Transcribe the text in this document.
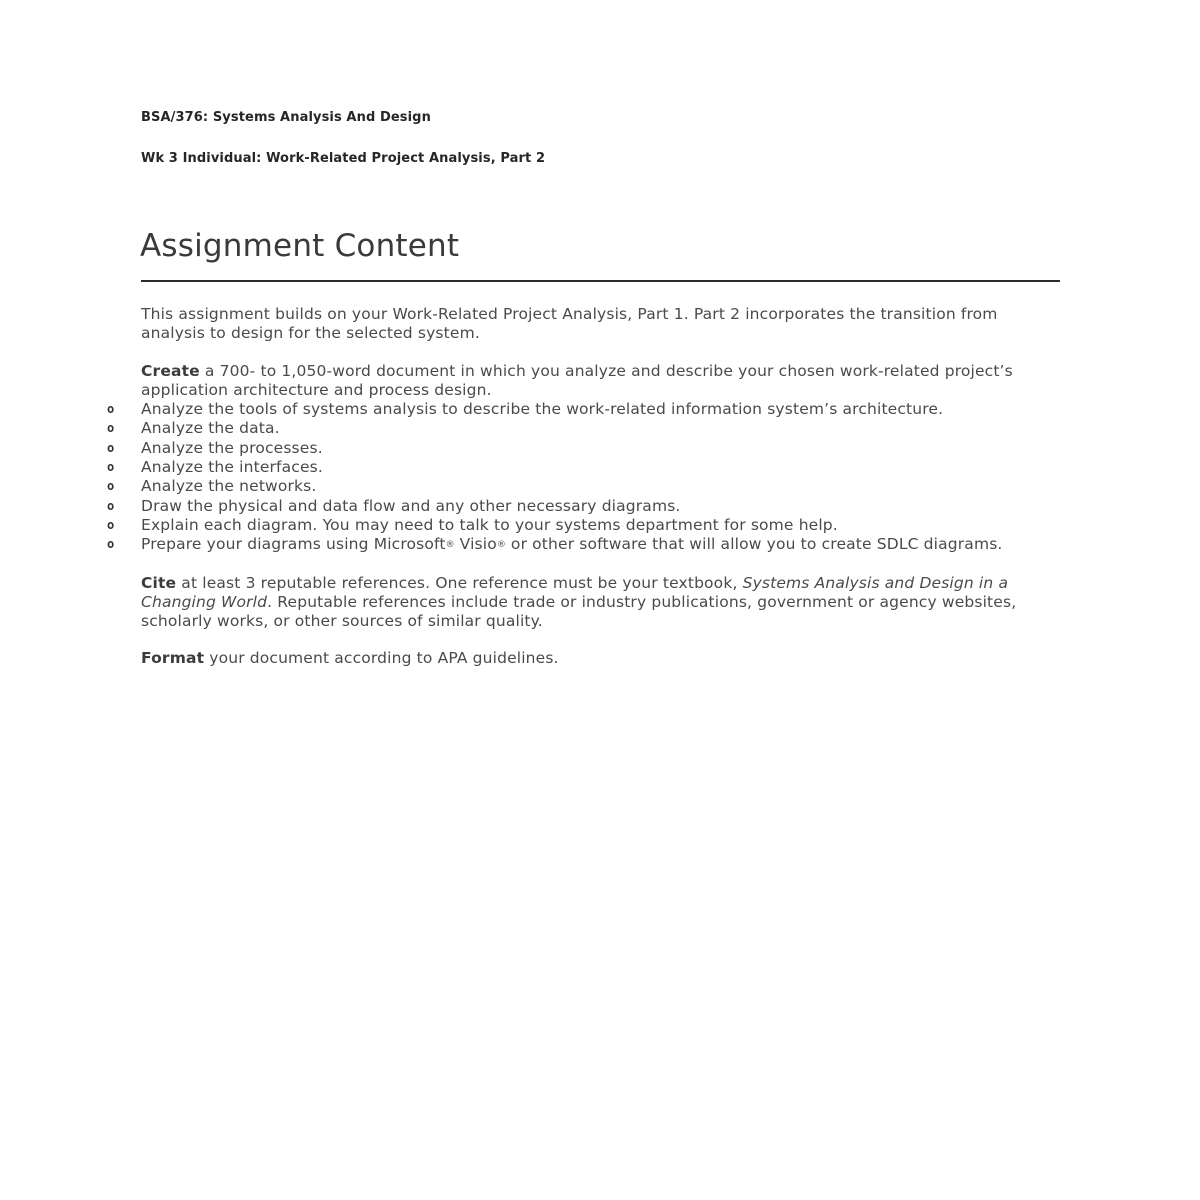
BSA/376: Systems Analysis And Design
Wk 3 Individual: Work-Related Project Analysis, Part 2
Assignment Content

This assignment builds on your Work-Related Project Analysis, Part 1. Part 2 incorporates the transition from analysis to design for the selected system.

Create a 700- to 1,050-word document in which you analyze and describe your chosen work-related project’s application architecture and process design.

o	Analyze the tools of systems analysis to describe the work-related information system’s architecture.
o	Analyze the data.
o	Analyze the processes.
o	Analyze the interfaces.
o	Analyze the networks.
o	Draw the physical and data flow and any other necessary diagrams.
o	Explain each diagram. You may need to talk to your systems department for some help.
o	Prepare your diagrams using Microsoft® Visio® or other software that will allow you to create SDLC diagrams.

Cite at least 3 reputable references. One reference must be your textbook, Systems Analysis and Design in a Changing World. Reputable references include trade or industry publications, government or agency websites, scholarly works, or other sources of similar quality.

Format your document according to APA guidelines.
